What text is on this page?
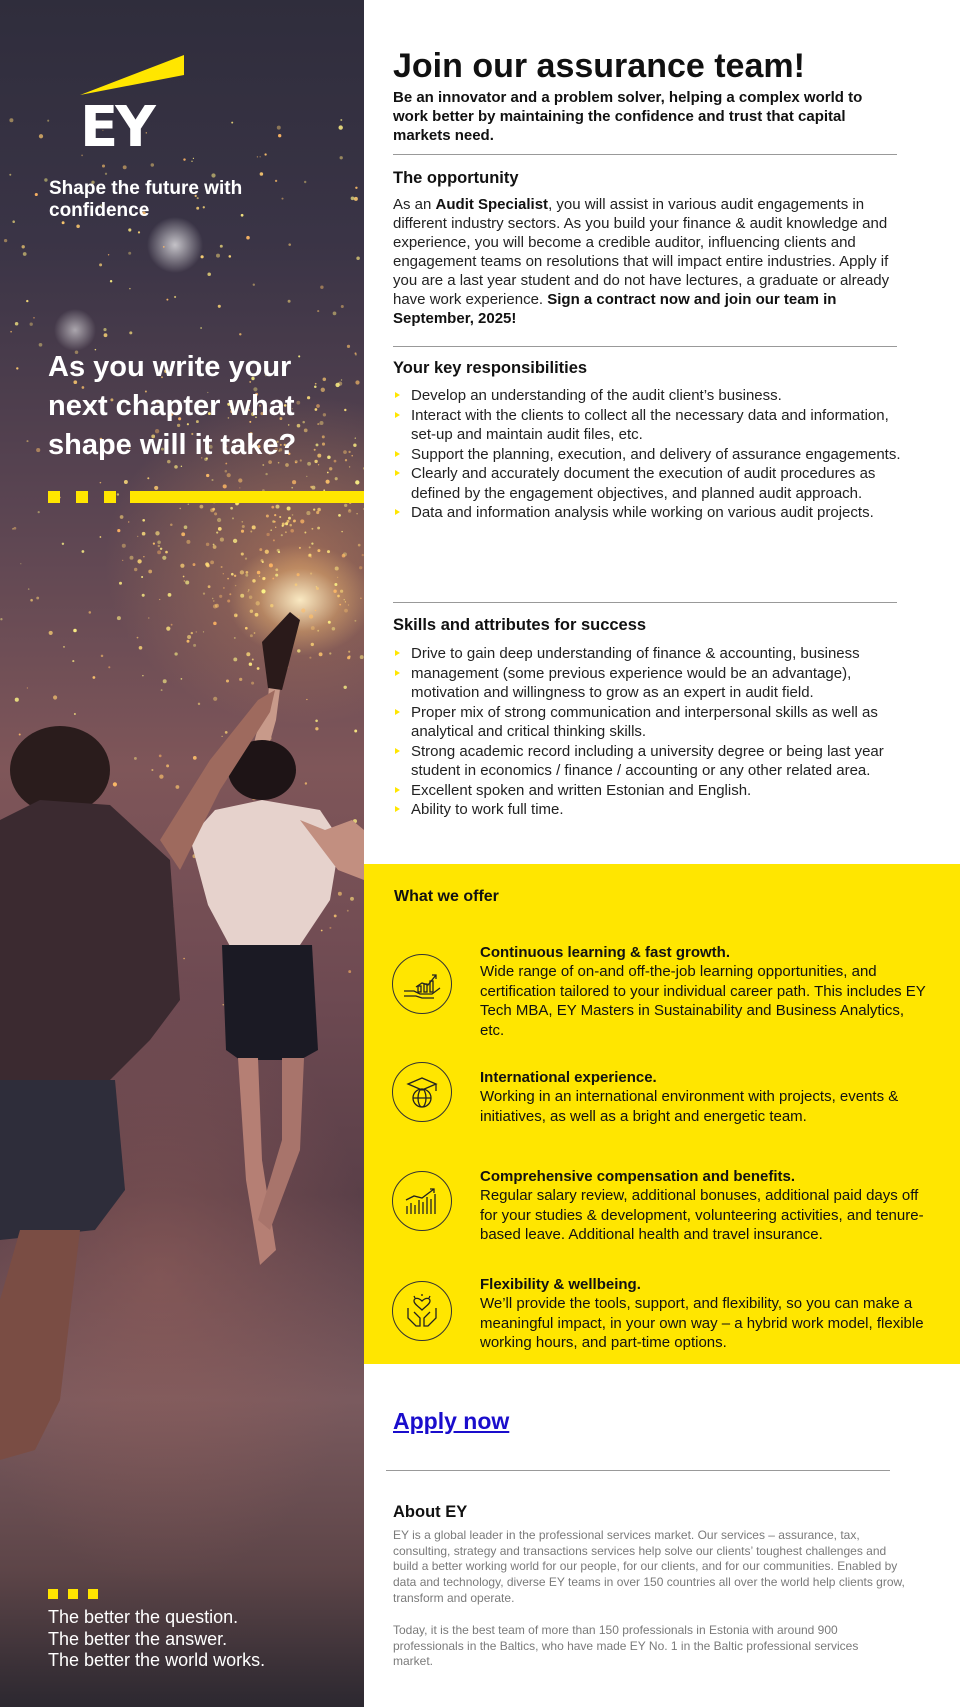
EY
Shape the future with confidence
As you write your next chapter what shape will it take?
The better the question.
The better the answer.
The better the world works.
Join our assurance team!
Be an innovator and a problem solver, helping a complex world to work better by maintaining the confidence and trust that capital markets need.
The opportunity
As an Audit Specialist, you will assist in various audit engagements in different industry sectors. As you build your finance & audit knowledge and experience, you will become a credible auditor, influencing clients and engagement teams on resolutions that will impact entire industries. Apply if you are a last year student and do not have lectures, a graduate or already have work experience. Sign a contract now and join our team in September, 2025!
Your key responsibilities
Develop an understanding of the audit client’s business.
Interact with the clients to collect all the necessary data and information, set-up and maintain audit files, etc.
Support the planning, execution, and delivery of assurance engagements.
Clearly and accurately document the execution of audit procedures as defined by the engagement objectives, and planned audit approach.
Data and information analysis while working on various audit projects.
Skills and attributes for success
Drive to gain deep understanding of finance & accounting, business
management (some previous experience would be an advantage), motivation and willingness to grow as an expert in audit field.
Proper mix of strong communication and interpersonal skills as well as analytical and critical thinking skills.
Strong academic record including a university degree or being last year student in economics / finance / accounting or any other related area.
Excellent spoken and written Estonian and English.
Ability to work full time.
What we offer
Continuous learning & fast growth.
Wide range of on-and off-the-job learning opportunities, and certification tailored to your individual career path. This includes EY Tech MBA, EY Masters in Sustainability and Business Analytics, etc.
International experience.
Working in an international environment with projects, events & initiatives, as well as a bright and energetic team.
Comprehensive compensation and benefits.
Regular salary review, additional bonuses, additional paid days off for your studies & development, volunteering activities, and tenure-based leave. Additional health and travel insurance.
Flexibility & wellbeing.
We’ll provide the tools, support, and flexibility, so you can make a meaningful impact, in your own way – a hybrid work model, flexible working hours, and part-time options.
Apply now
About EY
EY is a global leader in the professional services market. Our services – assurance, tax, consulting, strategy and transactions services help solve our clients’ toughest challenges and build a better working world for our people, for our clients, and for our communities. Enabled by data and technology, diverse EY teams in over 150 countries all over the world help clients grow, transform and operate.
Today, it is the best team of more than 150 professionals in Estonia with around 900 professionals in the Baltics, who have made EY No. 1 in the Baltic professional services market.
